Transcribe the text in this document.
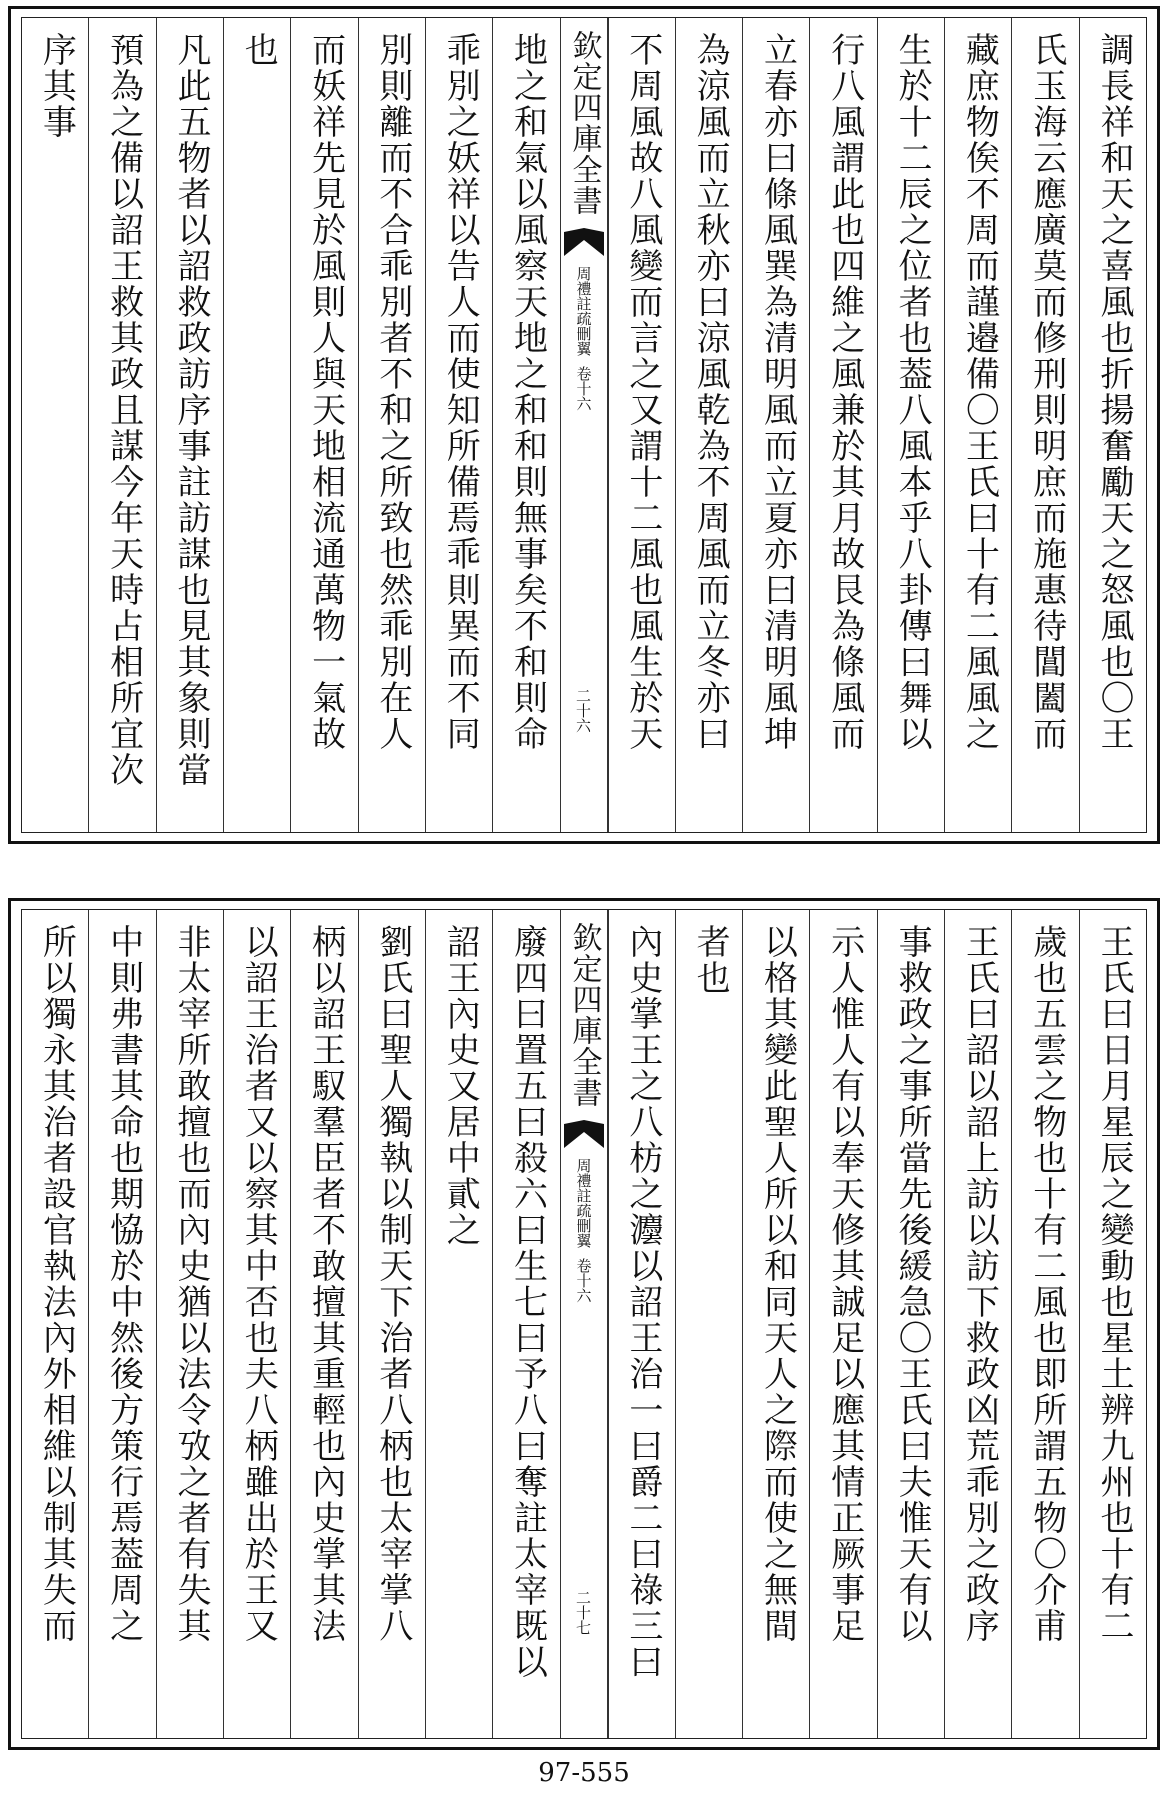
調長祥和天之喜風也折揚奮勵天之怒風也〇王
氏玉海云應廣莫而修刑則明庶而施惠待閶闔而
藏庶物俟不周而謹邉備〇王氏曰十有二風風之
生於十二辰之位者也葢八風本乎八卦傳曰舞以
行八風謂此也四維之風兼於其月故艮為條風而
立春亦曰條風巽為清明風而立夏亦曰清明風坤
為涼風而立秋亦曰涼風乾為不周風而立冬亦曰
不周風故八風變而言之又謂十二風也風生於天
欽定四庫全書
周禮註疏刪翼
卷十六
二十六
地之和氣以風察天地之和和則無事矣不和則命
乖別之妖祥以告人而使知所備焉乖則異而不同
別則離而不合乖別者不和之所致也然乖別在人
而妖祥先見於風則人與天地相流通萬物一氣故
也
凡此五物者以詔救政訪序事註訪謀也見其象則當
預為之備以詔王救其政且謀今年天時占相所宜次
序其事
王氏曰日月星辰之變動也星土辨九州也十有二
歲也五雲之物也十有二風也即所謂五物〇介甫
王氏曰詔以詔上訪以訪下救政凶荒乖別之政序
事救政之事所當先後緩急〇王氏曰夫惟天有以
示人惟人有以奉天修其誠足以應其情正厥事足
以格其變此聖人所以和同天人之際而使之無間
者也
內史掌王之八枋之灋以詔王治一曰爵二曰祿三曰
欽定四庫全書
周禮註疏刪翼
卷十六
二十七
廢四曰置五曰殺六曰生七曰予八曰奪註太宰既以
詔王內史又居中貳之
劉氏曰聖人獨執以制天下治者八柄也太宰掌八
柄以詔王馭羣臣者不敢擅其重輕也內史掌其法
以詔王治者又以察其中否也夫八柄雖出於王又
非太宰所敢擅也而內史猶以法令攷之者有失其
中則弗書其命也期恊於中然後方策行焉葢周之
所以獨永其治者設官執法內外相維以制其失而
97-555
